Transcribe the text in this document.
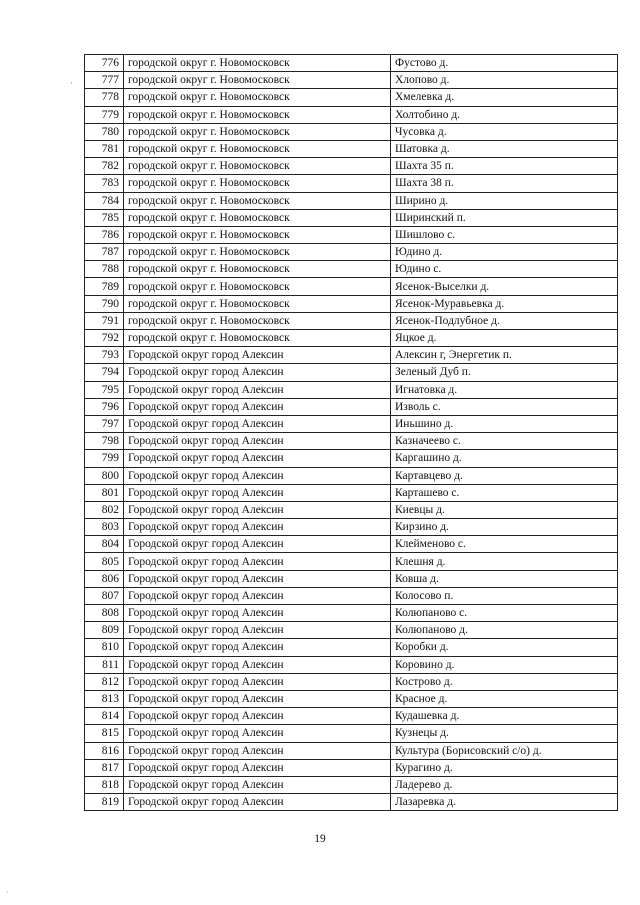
·
776	городской округ г. Новомосковск	Фустово д.
777	городской округ г. Новомосковск	Хлопово д.
778	городской округ г. Новомосковск	Хмелевка д.
779	городской округ г. Новомосковск	Холтобино д.
780	городской округ г. Новомосковск	Чусовка д.
781	городской округ г. Новомосковск	Шатовка д.
782	городской округ г. Новомосковск	Шахта 35 п.
783	городской округ г. Новомосковск	Шахта 38 п.
784	городской округ г. Новомосковск	Ширино д.
785	городской округ г. Новомосковск	Ширинский п.
786	городской округ г. Новомосковск	Шишлово с.
787	городской округ г. Новомосковск	Юдино д.
788	городской округ г. Новомосковск	Юдино с.
789	городской округ г. Новомосковск	Ясенок-Выселки д.
790	городской округ г. Новомосковск	Ясенок-Муравьевка д.
791	городской округ г. Новомосковск	Ясенок-Подлубное д.
792	городской округ г. Новомосковск	Яцкое д.
793	Городской округ город Алексин	Алексин г, Энергетик п.
794	Городской округ город Алексин	Зеленый Дуб п.
795	Городской округ город Алексин	Игнатовка д.
796	Городской округ город Алексин	Изволь с.
797	Городской округ город Алексин	Иньшино д.
798	Городской округ город Алексин	Казначеево с.
799	Городской округ город Алексин	Каргашино д.
800	Городской округ город Алексин	Картавцево д.
801	Городской округ город Алексин	Карташево с.
802	Городской округ город Алексин	Киевцы д.
803	Городской округ город Алексин	Кирзино д.
804	Городской округ город Алексин	Клейменово с.
805	Городской округ город Алексин	Клешня д.
806	Городской округ город Алексин	Ковша д.
807	Городской округ город Алексин	Колосово п.
808	Городской округ город Алексин	Колюпаново с.
809	Городской округ город Алексин	Колюпаново д.
810	Городской округ город Алексин	Коробки д.
811	Городской округ город Алексин	Коровино д.
812	Городской округ город Алексин	Кострово д.
813	Городской округ город Алексин	Красное д.
814	Городской округ город Алексин	Кудашевка д.
815	Городской округ город Алексин	Кузнецы д.
816	Городской округ город Алексин	Культура (Борисовский с/о) д.
817	Городской округ город Алексин	Курагино д.
818	Городской округ город Алексин	Ладерево д.
819	Городской округ город Алексин	Лазаревка д.
19
·
